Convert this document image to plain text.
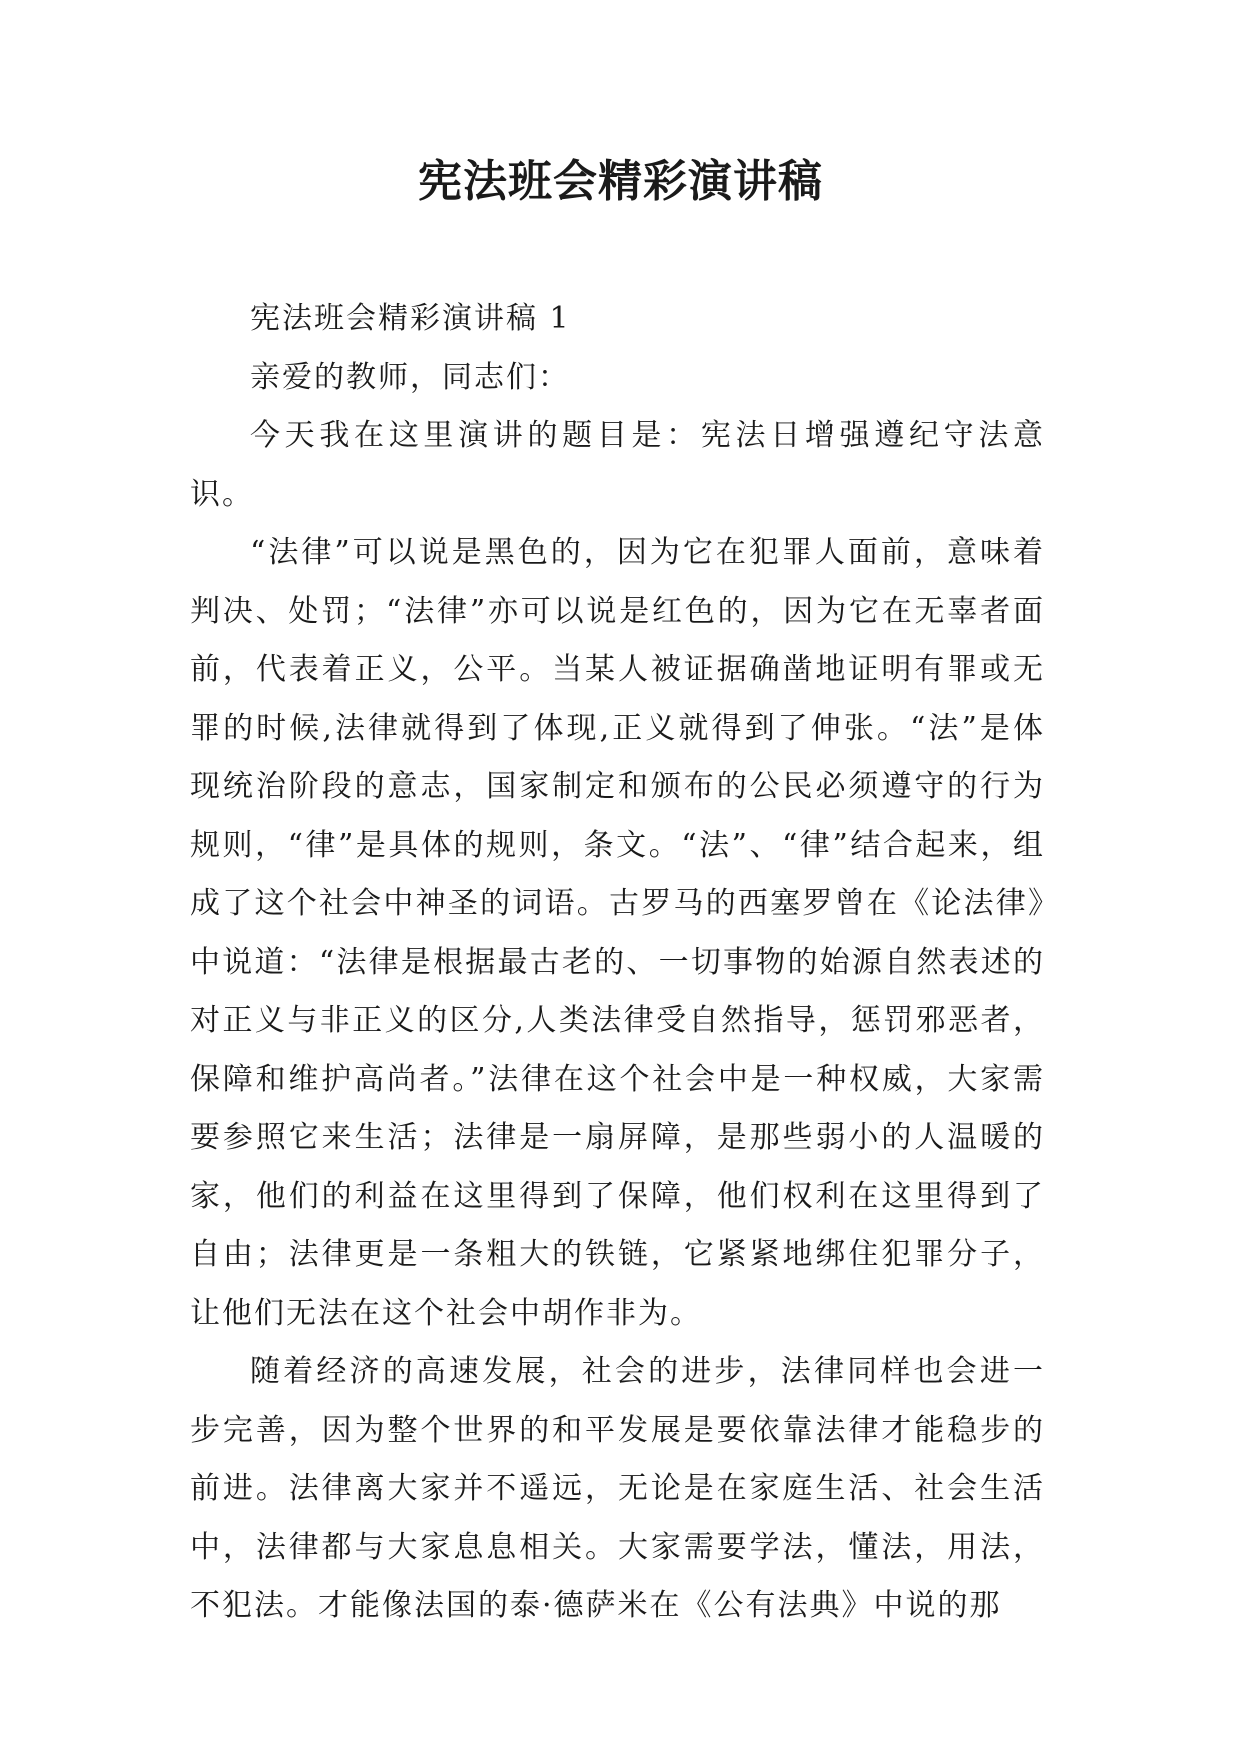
宪法班会精彩演讲稿

宪法班会精彩演讲稿 1

亲爱的教师，同志们：

今天我在这里演讲的题目是：宪法日增强遵纪守法意识。

“法律”可以说是黑色的，因为它在犯罪人面前，意味着判决、处罚；“法律”亦可以说是红色的，因为它在无辜者面前，代表着正义，公平。当某人被证据确凿地证明有罪或无罪的时候,法律就得到了体现,正义就得到了伸张。“法”是体现统治阶段的意志，国家制定和颁布的公民必须遵守的行为规则，“律”是具体的规则，条文。“法”、“律”结合起来，组成了这个社会中神圣的词语。古罗马的西塞罗曾在《论法律》中说道：“法律是根据最古老的、一切事物的始源自然表述的对正义与非正义的区分,人类法律受自然指导，惩罚邪恶者，保障和维护高尚者。”法律在这个社会中是一种权威，大家需要参照它来生活；法律是一扇屏障，是那些弱小的人温暖的家，他们的利益在这里得到了保障，他们权利在这里得到了自由；法律更是一条粗大的铁链，它紧紧地绑住犯罪分子，让他们无法在这个社会中胡作非为。

随着经济的高速发展，社会的进步，法律同样也会进一步完善，因为整个世界的和平发展是要依靠法律才能稳步的前进。法律离大家并不遥远，无论是在家庭生活、社会生活中，法律都与大家息息相关。大家需要学法，懂法，用法，不犯法。才能像法国的泰·德萨米在《公有法典》中说的那
